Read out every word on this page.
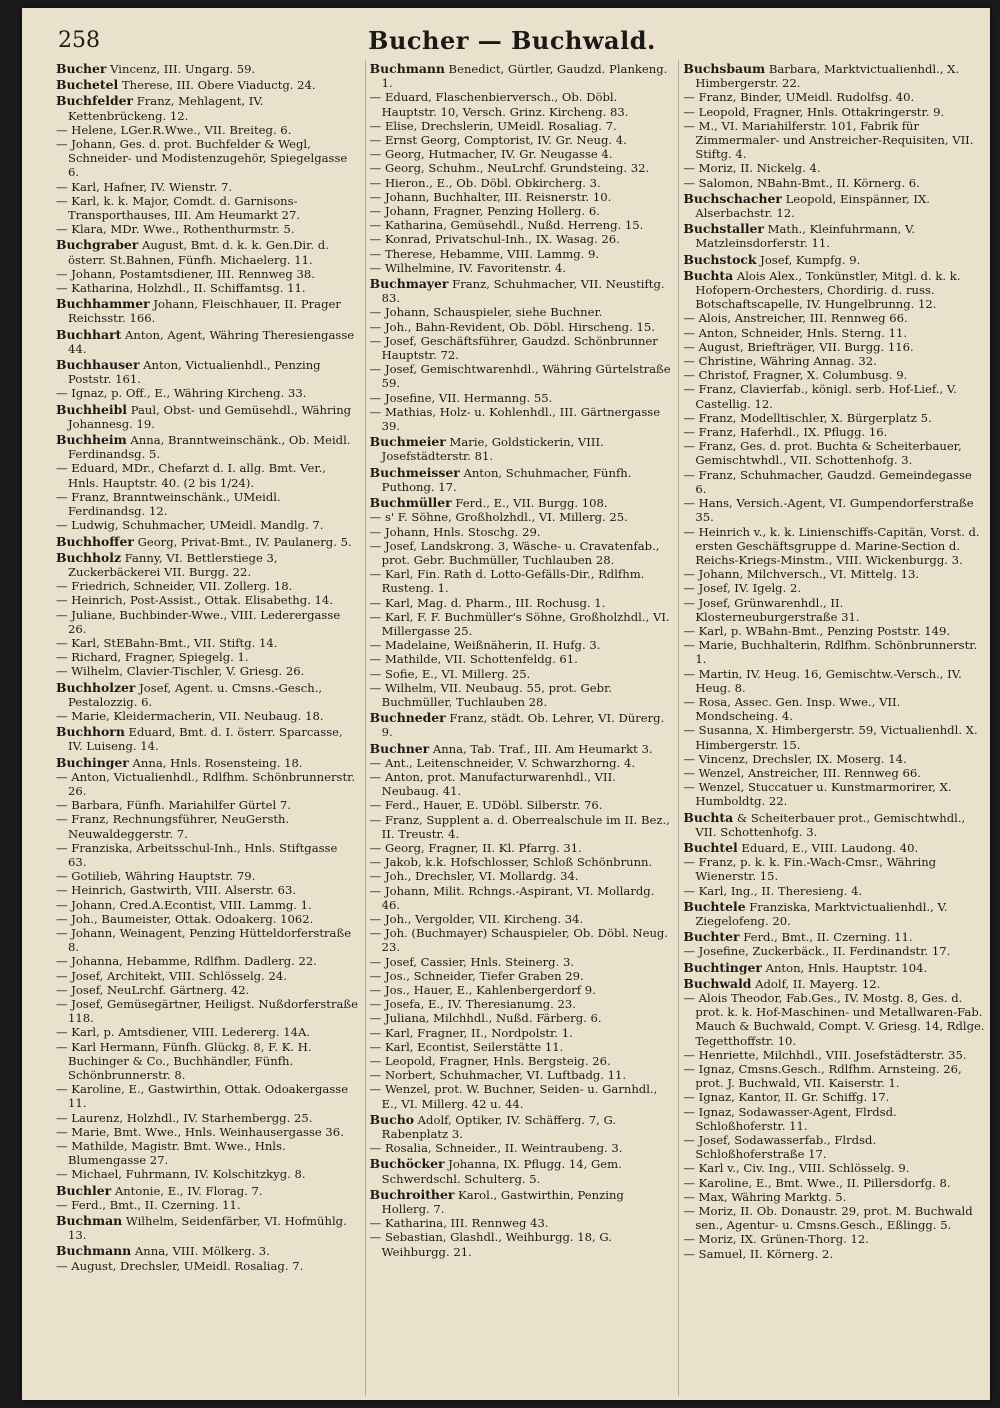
258	Bucher — Buchwald.

Bucher Vincenz, III. Ungarg. 59.

Buchetel Therese, III. Obere Viaductg. 24.

Buchfelder Franz, Mehlagent, IV. Kettenbrückeng. 12.

— Helene, LGer.R.Wwe., VII. Breiteg. 6.

— Johann, Ges. d. prot. Buchfelder & Wegl, Schneider- und Modistenzugehör, Spiegelgasse 6.

— Karl, Hafner, IV. Wienstr. 7.

— Karl, k. k. Major, Comdt. d. Garnisons-Transporthauses, III. Am Heumarkt 27.

— Klara, MDr. Wwe., Rothenthurmstr. 5.

Buchgraber August, Bmt. d. k. k. Gen.Dir. d. österr. St.Bahnen, Fünfh. Michaelerg. 11.

— Johann, Postamtsdiener, III. Rennweg 38.

— Katharina, Holzhdl., II. Schiffamtsg. 11.

Buchhammer Johann, Fleischhauer, II. Prager Reichsstr. 166.

Buchhart Anton, Agent, Währing Theresiengasse 44.

Buchhauser Anton, Victualienhdl., Penzing Poststr. 161.

— Ignaz, p. Off., E., Währing Kircheng. 33.

Buchheibl Paul, Obst- und Gemüsehdl., Währing Johannesg. 19.

Buchheim Anna, Branntweinschänk., Ob. Meidl. Ferdinandsg. 5.

— Eduard, MDr., Chefarzt d. I. allg. Bmt. Ver., Hnls. Hauptstr. 40. (2 bis 1/24).

— Franz, Branntweinschänk., UMeidl. Ferdinandsg. 12.

— Ludwig, Schuhmacher, UMeidl. Mandlg. 7.

Buchhoffer Georg, Privat-Bmt., IV. Paulanerg. 5.

Buchholz Fanny, VI. Bettlerstiege 3, Zuckerbäckerei VII. Burgg. 22.

— Friedrich, Schneider, VII. Zollerg. 18.

— Heinrich, Post-Assist., Ottak. Elisabethg. 14.

— Juliane, Buchbinder-Wwe., VIII. Lederergasse 26.

— Karl, StEBahn-Bmt., VII. Stiftg. 14.

— Richard, Fragner, Spiegelg. 1.

— Wilhelm, Clavier-Tischler, V. Griesg. 26.

Buchholzer Josef, Agent. u. Cmsns.-Gesch., Pestalozzig. 6.

— Marie, Kleidermacherin, VII. Neubaug. 18.

Buchhorn Eduard, Bmt. d. I. österr. Sparcasse, IV. Luiseng. 14.

Buchinger Anna, Hnls. Rosensteing. 18.

— Anton, Victualienhdl., Rdlfhm. Schönbrunnerstr. 26.

— Barbara, Fünfh. Mariahilfer Gürtel 7.

— Franz, Rechnungsführer, NeuGersth. Neuwaldeggerstr. 7.

— Franziska, Arbeitsschul-Inh., Hnls. Stiftgasse 63.

— Gotilieb, Währing Hauptstr. 79.

— Heinrich, Gastwirth, VIII. Alserstr. 63.

— Johann, Cred.A.Econtist, VIII. Lammg. 1.

— Joh., Baumeister, Ottak. Odoakerg. 1062.

— Johann, Weinagent, Penzing Hütteldorferstraße 8.

— Johanna, Hebamme, Rdlfhm. Dadlerg. 22.

— Josef, Architekt, VIII. Schlösselg. 24.

— Josef, NeuLrchf. Gärtnerg. 42.

— Josef, Gemüsegärtner, Heiligst. Nußdorferstraße 118.

— Karl, p. Amtsdiener, VIII. Ledererg. 14A.

— Karl Hermann, Fünfh. Glückg. 8, F. K. H. Buchinger & Co., Buchhändler, Fünfh. Schönbrunnerstr. 8.

— Karoline, E., Gastwirthin, Ottak. Odoakergasse 11.

— Laurenz, Holzhdl., IV. Starhembergg. 25.

— Marie, Bmt. Wwe., Hnls. Weinhausergasse 36.

— Mathilde, Magistr. Bmt. Wwe., Hnls. Blumengasse 27.

— Michael, Fuhrmann, IV. Kolschitzkyg. 8.

Buchler Antonie, E., IV. Florag. 7.

— Ferd., Bmt., II. Czerning. 11.

Buchman Wilhelm, Seidenfärber, VI. Hofmühlg. 13.

Buchmann Anna, VIII. Mölkerg. 3.

— August, Drechsler, UMeidl. Rosaliag. 7.

Buchmann Benedict, Gürtler, Gaudzd. Plankeng. 1.

— Eduard, Flaschenbierversch., Ob. Döbl. Hauptstr. 10, Versch. Grinz. Kircheng. 83.

— Elise, Drechslerin, UMeidl. Rosaliag. 7.

— Ernst Georg, Comptorist, IV. Gr. Neug. 4.

— Georg, Hutmacher, IV. Gr. Neugasse 4.

— Georg, Schuhm., NeuLrchf. Grundsteing. 32.

— Hieron., E., Ob. Döbl. Obkircherg. 3.

— Johann, Buchhalter, III. Reisnerstr. 10.

— Johann, Fragner, Penzing Hollerg. 6.

— Katharina, Gemüsehdl., Nußd. Herreng. 15.

— Konrad, Privatschul-Inh., IX. Wasag. 26.

— Therese, Hebamme, VIII. Lammg. 9.

— Wilhelmine, IV. Favoritenstr. 4.

Buchmayer Franz, Schuhmacher, VII. Neustiftg. 83.

— Johann, Schauspieler, siehe Buchner.

— Joh., Bahn-Revident, Ob. Döbl. Hirscheng. 15.

— Josef, Geschäftsführer, Gaudzd. Schönbrunner Hauptstr. 72.

— Josef, Gemischtwarenhdl., Währing Gürtelstraße 59.

— Josefine, VII. Hermanng. 55.

— Mathias, Holz- u. Kohlenhdl., III. Gärtnergasse 39.

Buchmeier Marie, Goldstickerin, VIII. Josefstädterstr. 81.

Buchmeisser Anton, Schuhmacher, Fünfh. Puthong. 17.

Buchmüller Ferd., E., VII. Burgg. 108.

— s' F. Söhne, Großholzhdl., VI. Millerg. 25.

— Johann, Hnls. Stoschg. 29.

— Josef, Landskrong. 3, Wäsche- u. Cravatenfab., prot. Gebr. Buchmüller, Tuchlauben 28.

— Karl, Fin. Rath d. Lotto-Gefälls-Dir., Rdlfhm. Rusteng. 1.

— Karl, Mag. d. Pharm., III. Rochusg. 1.

— Karl, F. F. Buchmüller's Söhne, Großholzhdl., VI. Millergasse 25.

— Madelaine, Weißnäherin, II. Hufg. 3.

— Mathilde, VII. Schottenfeldg. 61.

— Sofie, E., VI. Millerg. 25.

— Wilhelm, VII. Neubaug. 55, prot. Gebr. Buchmüller, Tuchlauben 28.

Buchneder Franz, städt. Ob. Lehrer, VI. Dürerg. 9.

Buchner Anna, Tab. Traf., III. Am Heumarkt 3.

— Ant., Leitenschneider, V. Schwarzhorng. 4.

— Anton, prot. Manufacturwarenhdl., VII. Neubaug. 41.

— Ferd., Hauer, E. UDöbl. Silberstr. 76.

— Franz, Supplent a. d. Oberrealschule im II. Bez., II. Treustr. 4.

— Georg, Fragner, II. Kl. Pfarrg. 31.

— Jakob, k.k. Hofschlosser, Schloß Schönbrunn.

— Joh., Drechsler, VI. Mollardg. 34.

— Johann, Milit. Rchngs.-Aspirant, VI. Mollardg. 46.

— Joh., Vergolder, VII. Kircheng. 34.

— Joh. (Buchmayer) Schauspieler, Ob. Döbl. Neug. 23.

— Josef, Cassier, Hnls. Steinerg. 3.

— Jos., Schneider, Tiefer Graben 29.

— Jos., Hauer, E., Kahlenbergerdorf 9.

— Josefa, E., IV. Theresianumg. 23.

— Juliana, Milchhdl., Nußd. Färberg. 6.

— Karl, Fragner, II., Nordpolstr. 1.

— Karl, Econtist, Seilerstätte 11.

— Leopold, Fragner, Hnls. Bergsteig. 26.

— Norbert, Schuhmacher, VI. Luftbadg. 11.

— Wenzel, prot. W. Buchner, Seiden- u. Garnhdl., E., VI. Millerg. 42 u. 44.

Bucho Adolf, Optiker, IV. Schäfferg. 7, G. Rabenplatz 3.

— Rosalia, Schneider., II. Weintraubeng. 3.

Buchöcker Johanna, IX. Pflugg. 14, Gem. Schwerdschl. Schulterg. 5.

Buchroither Karol., Gastwirthin, Penzing Hollerg. 7.

— Katharina, III. Rennweg 43.

— Sebastian, Glashdl., Weihburgg. 18, G. Weihburgg. 21.

Buchsbaum Barbara, Marktvictualienhdl., X. Himbergerstr. 22.

— Franz, Binder, UMeidl. Rudolfsg. 40.

— Leopold, Fragner, Hnls. Ottakringerstr. 9.

— M., VI. Mariahilferstr. 101, Fabrik für Zimmermaler- und Anstreicher-Requisiten, VII. Stiftg. 4.

— Moriz, II. Nickelg. 4.

— Salomon, NBahn-Bmt., II. Körnerg. 6.

Buchschacher Leopold, Einspänner, IX. Alserbachstr. 12.

Buchstaller Math., Kleinfuhrmann, V. Matzleinsdorferstr. 11.

Buchstock Josef, Kumpfg. 9.

Buchta Alois Alex., Tonkünstler, Mitgl. d. k. k. Hofopern-Orchesters, Chordirig. d. russ. Botschaftscapelle, IV. Hungelbrunng. 12.

— Alois, Anstreicher, III. Rennweg 66.

— Anton, Schneider, Hnls. Sterng. 11.

— August, Briefträger, VII. Burgg. 116.

— Christine, Währing Annag. 32.

— Christof, Fragner, X. Columbusg. 9.

— Franz, Clavierfab., königl. serb. Hof-Lief., V. Castellig. 12.

— Franz, Modelltischler, X. Bürgerplatz 5.

— Franz, Haferhdl., IX. Pflugg. 16.

— Franz, Ges. d. prot. Buchta & Scheiterbauer, Gemischtwhdl., VII. Schottenhofg. 3.

— Franz, Schuhmacher, Gaudzd. Gemeindegasse 6.

— Hans, Versich.-Agent, VI. Gumpendorferstraße 35.

— Heinrich v., k. k. Linienschiffs-Capitän, Vorst. d. ersten Geschäftsgruppe d. Marine-Section d. Reichs-Kriegs-Minstm., VIII. Wickenburgg. 3.

— Johann, Milchversch., VI. Mittelg. 13.

— Josef, IV. Igelg. 2.

— Josef, Grünwarenhdl., II. Klosterneuburgerstraße 31.

— Karl, p. WBahn-Bmt., Penzing Poststr. 149.

— Marie, Buchhalterin, Rdlfhm. Schönbrunnerstr. 1.

— Martin, IV. Heug. 16, Gemischtw.-Versch., IV. Heug. 8.

— Rosa, Assec. Gen. Insp. Wwe., VII. Mondscheing. 4.

— Susanna, X. Himbergerstr. 59, Victualienhdl. X. Himbergerstr. 15.

— Vincenz, Drechsler, IX. Moserg. 14.

— Wenzel, Anstreicher, III. Rennweg 66.

— Wenzel, Stuccatuer u. Kunstmarmorirer, X. Humboldtg. 22.

Buchta & Scheiterbauer prot., Gemischtwhdl., VII. Schottenhofg. 3.

Buchtel Eduard, E., VIII. Laudong. 40.

— Franz, p. k. k. Fin.-Wach-Cmsr., Währing Wienerstr. 15.

— Karl, Ing., II. Theresieng. 4.

Buchtele Franziska, Marktvictualienhdl., V. Ziegelofeng. 20.

Buchter Ferd., Bmt., II. Czerning. 11.

— Josefine, Zuckerbäck., II. Ferdinandstr. 17.

Buchtinger Anton, Hnls. Hauptstr. 104.

Buchwald Adolf, II. Mayerg. 12.

— Alois Theodor, Fab.Ges., IV. Mostg. 8, Ges. d. prot. k. k. Hof-Maschinen- und Metallwaren-Fab. Mauch & Buchwald, Compt. V. Griesg. 14, Rdlge. Tegetthoffstr. 10.

— Henriette, Milchhdl., VIII. Josefstädterstr. 35.

— Ignaz, Cmsns.Gesch., Rdlfhm. Arnsteing. 26, prot. J. Buchwald, VII. Kaiserstr. 1.

— Ignaz, Kantor, II. Gr. Schiffg. 17.

— Ignaz, Sodawasser-Agent, Flrdsd. Schloßhoferstr. 11.

— Josef, Sodawasserfab., Flrdsd. Schloßhoferstraße 17.

— Karl v., Civ. Ing., VIII. Schlösselg. 9.

— Karoline, E., Bmt. Wwe., II. Pillersdorfg. 8.

— Max, Währing Marktg. 5.

— Moriz, II. Ob. Donaustr. 29, prot. M. Buchwald sen., Agentur- u. Cmsns.Gesch., Eßlingg. 5.

— Moriz, IX. Grünen-Thorg. 12.

— Samuel, II. Körnerg. 2.
